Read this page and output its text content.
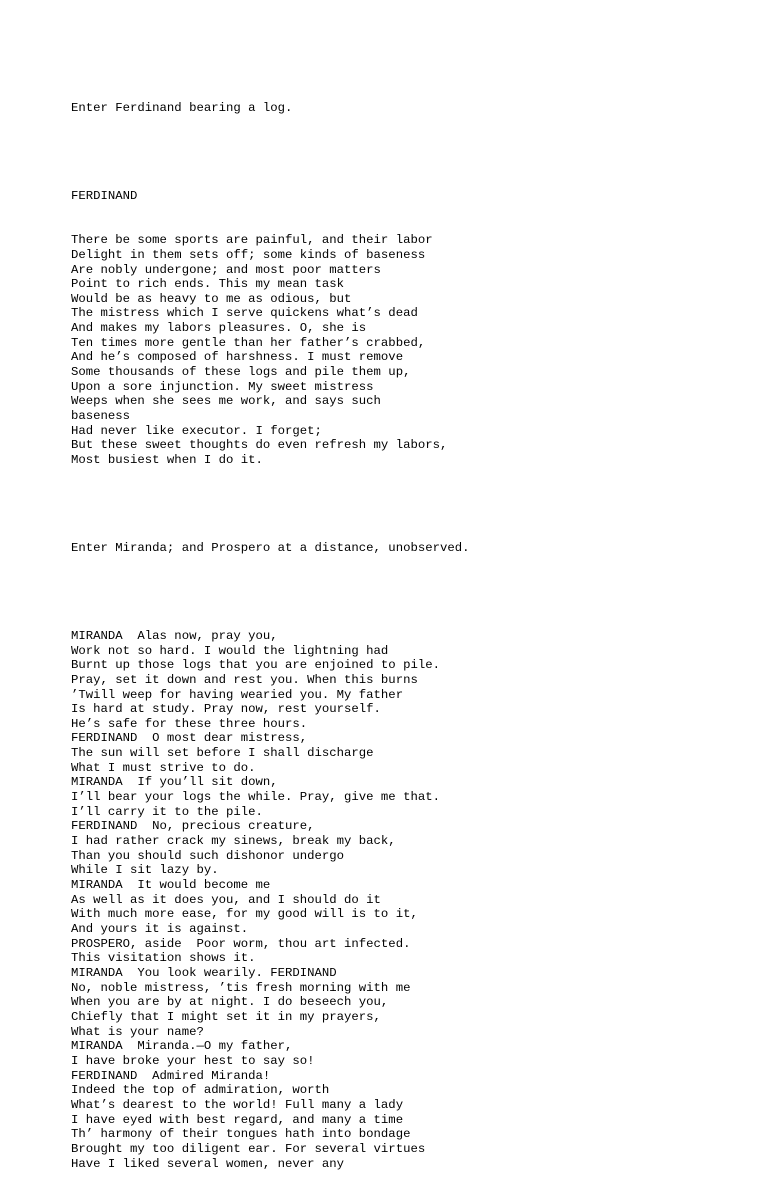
Enter Ferdinand bearing a log.

FERDINAND

There be some sports are painful, and their labor
Delight in them sets off; some kinds of baseness
Are nobly undergone; and most poor matters
Point to rich ends. This my mean task
Would be as heavy to me as odious, but
The mistress which I serve quickens what’s dead
And makes my labors pleasures. O, she is
Ten times more gentle than her father’s crabbed,
And he’s composed of harshness. I must remove
Some thousands of these logs and pile them up,
Upon a sore injunction. My sweet mistress
Weeps when she sees me work, and says such
baseness
Had never like executor. I forget;
But these sweet thoughts do even refresh my labors,
Most busiest when I do it.

Enter Miranda; and Prospero at a distance, unobserved.

MIRANDA  Alas now, pray you,
Work not so hard. I would the lightning had
Burnt up those logs that you are enjoined to pile.
Pray, set it down and rest you. When this burns
’Twill weep for having wearied you. My father
Is hard at study. Pray now, rest yourself.
He’s safe for these three hours.
FERDINAND  O most dear mistress,
The sun will set before I shall discharge
What I must strive to do.
MIRANDA  If you’ll sit down,
I’ll bear your logs the while. Pray, give me that.
I’ll carry it to the pile.
FERDINAND  No, precious creature,
I had rather crack my sinews, break my back,
Than you should such dishonor undergo
While I sit lazy by.
MIRANDA  It would become me
As well as it does you, and I should do it
With much more ease, for my good will is to it,
And yours it is against.
PROSPERO, aside  Poor worm, thou art infected.
This visitation shows it.
MIRANDA  You look wearily. FERDINAND
No, noble mistress, ’tis fresh morning with me
When you are by at night. I do beseech you,
Chiefly that I might set it in my prayers,
What is your name?
MIRANDA  Miranda.—O my father,
I have broke your hest to say so!
FERDINAND  Admired Miranda!
Indeed the top of admiration, worth
What’s dearest to the world! Full many a lady
I have eyed with best regard, and many a time
Th’ harmony of their tongues hath into bondage
Brought my too diligent ear. For several virtues
Have I liked several women, never any
